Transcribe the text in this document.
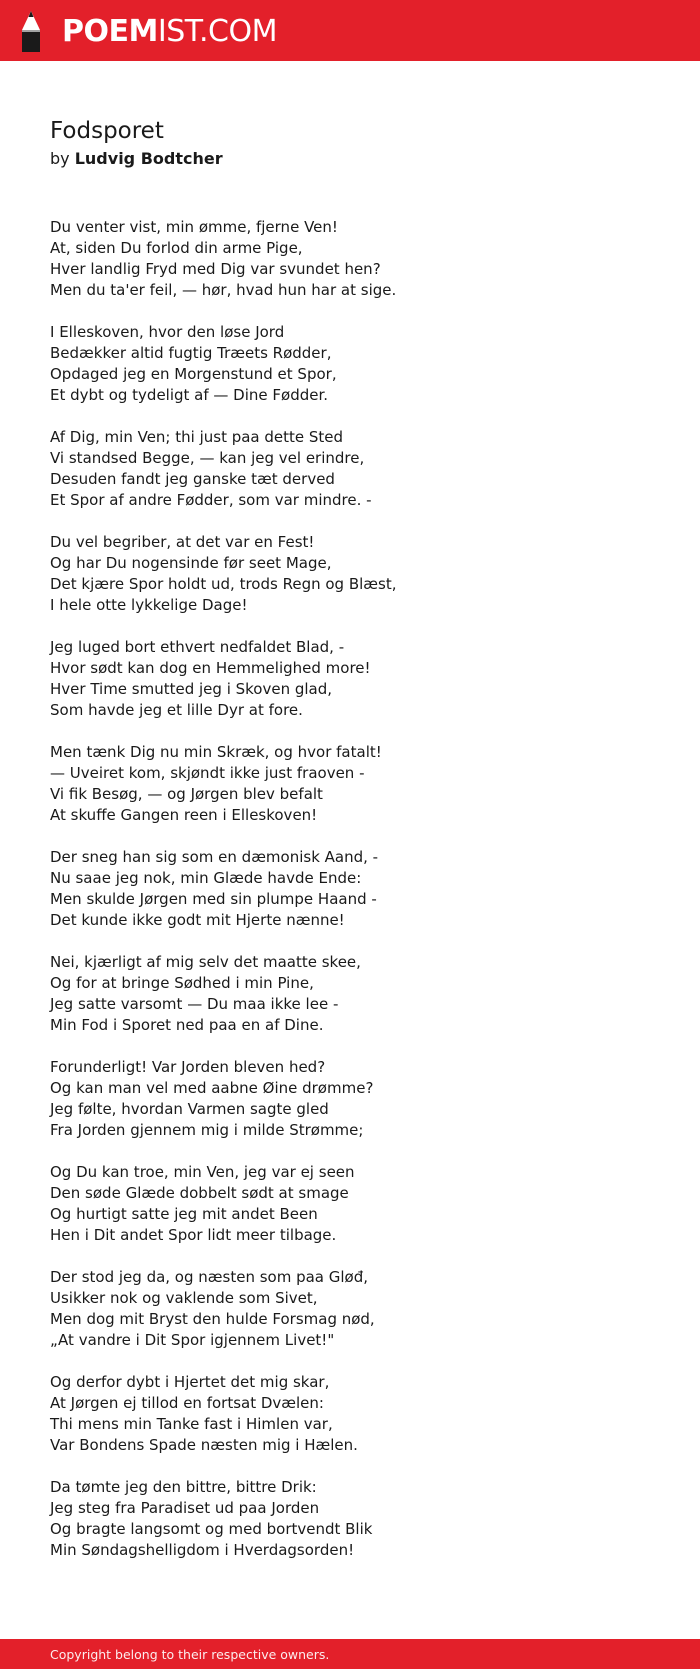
POEM IST.COM
Fodsporet
by Ludvig Bodtcher
Du venter vist, min ømme, fjerne Ven!
At, siden Du forlod din arme Pige,
Hver landlig Fryd med Dig var svundet hen?
Men du ta'er feil, — hør, hvad hun har at sige.
I Elleskoven, hvor den løse Jord
Bedækker altid fugtig Træets Rødder,
Opdaged jeg en Morgenstund et Spor,
Et dybt og tydeligt af — Dine Fødder.
Af Dig, min Ven; thi just paa dette Sted
Vi standsed Begge, — kan jeg vel erindre,
Desuden fandt jeg ganske tæt derved
Et Spor af andre Fødder, som var mindre. -
Du vel begriber, at det var en Fest!
Og har Du nogensinde før seet Mage,
Det kjære Spor holdt ud, trods Regn og Blæst,
I hele otte lykkelige Dage!
Jeg luged bort ethvert nedfaldet Blad, -
Hvor sødt kan dog en Hemmelighed more!
Hver Time smutted jeg i Skoven glad,
Som havde jeg et lille Dyr at fore.
Men tænk Dig nu min Skræk, og hvor fatalt!
— Uveiret kom, skjøndt ikke just fraoven -
Vi fik Besøg, — og Jørgen blev befalt
At skuffe Gangen reen i Elleskoven!
Der sneg han sig som en dæmonisk Aand, -
Nu saae jeg nok, min Glæde havde Ende:
Men skulde Jørgen med sin plumpe Haand -
Det kunde ikke godt mit Hjerte nænne!
Nei, kjærligt af mig selv det maatte skee,
Og for at bringe Sødhed i min Pine,
Jeg satte varsomt — Du maa ikke lee -
Min Fod i Sporet ned paa en af Dine.
Forunderligt! Var Jorden bleven hed?
Og kan man vel med aabne Øine drømme?
Jeg følte, hvordan Varmen sagte gled
Fra Jorden gjennem mig i milde Strømme;
Og Du kan troe, min Ven, jeg var ej seen
Den søde Glæde dobbelt sødt at smage
Og hurtigt satte jeg mit andet Been
Hen i Dit andet Spor lidt meer tilbage.
Der stod jeg da, og næsten som paa Gløđ,
Usikker nok og vaklende som Sivet,
Men dog mit Bryst den hulde Forsmag nød,
„At vandre i Dit Spor igjennem Livet!"
Og derfor dybt i Hjertet det mig skar,
At Jørgen ej tillod en fortsat Dvælen:
Thi mens min Tanke fast i Himlen var,
Var Bondens Spade næsten mig i Hælen.
Da tømte jeg den bittre, bittre Drik:
Jeg steg fra Paradiset ud paa Jorden
Og bragte langsomt og med bortvendt Blik
Min Søndagshelligdom i Hverdagsorden!
Copyright belong to their respective owners.
